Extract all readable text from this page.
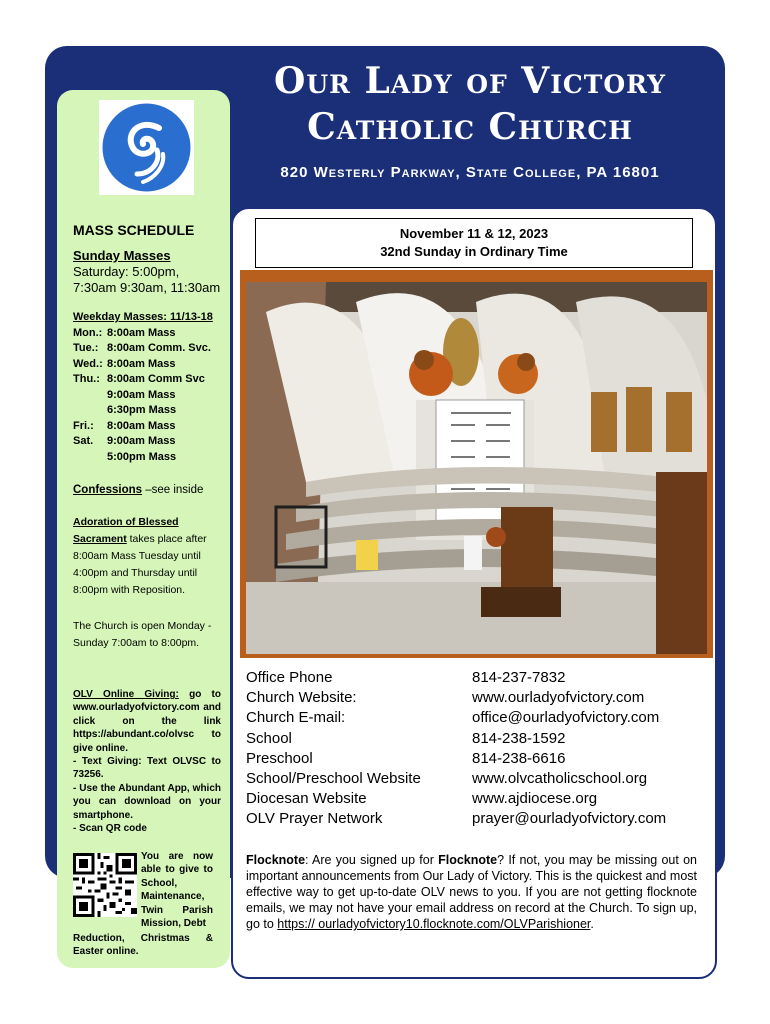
Our Lady of Victory
Catholic Church
820 Westerly Parkway, State College, PA 16801
MASS SCHEDULE
Sunday Masses
Saturday: 5:00pm,
7:30am 9:30am, 11:30am
Weekday Masses: 11/13-18
Mon.: 8:00am Mass
Tue.: 8:00am Comm. Svc.
Wed.: 8:00am Mass
Thu.: 8:00am Comm Svc
9:00am Mass
6:30pm Mass
Fri.:	8:00am Mass
Sat.	9:00am Mass
5:00pm Mass
Confessions –see inside
Adoration of Blessed Sacrament takes place after 8:00am Mass Tuesday until 4:00pm and Thursday until 8:00pm with Reposition.
The Church is open Monday - Sunday 7:00am to 8:00pm.
OLV Online Giving: go to www.ourladyofvictory.com and click on the link https://abundant.co/olvsc to give online.
- Text Giving: Text OLVSC to 73256.
- Use the Abundant App, which you can download on your smartphone.
- Scan QR code
You are now able to give to School, Maintenance, Twin Parish Mission, Debt
Reduction, Christmas & Easter online.
November 11 & 12, 2023
32nd Sunday in Ordinary Time
Office Phone	814-237-7832
Church Website:	www.ourladyofvictory.com
Church E-mail:	office@ourladyofvictory.com
School	814-238-1592
Preschool	814-238-6616
School/Preschool Website	www.olvcatholicschool.org
Diocesan Website	www.ajdiocese.org
OLV Prayer Network	prayer@ourladyofvictory.com
Flocknote: Are you signed up for Flocknote? If not, you may be missing out on important announcements from Our Lady of Victory. This is the quickest and most effective way to get up-to-date OLV news to you. If you are not getting flocknote emails, we may not have your email address on record at the Church. To sign up, go to https:// ourladyofvictory10.flocknote.com/OLVParishioner.
